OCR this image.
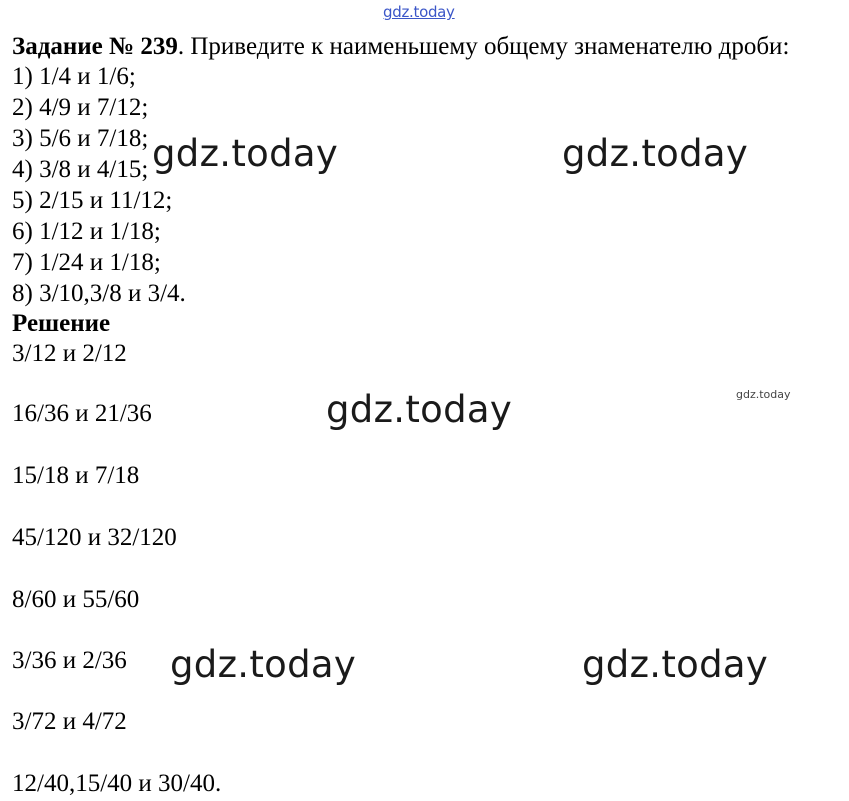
gdz.today
Задание № 239. Приведите к наименьшему общему знаменателю дроби:
1) 1/4 и 1/6;
2) 4/9 и 7/12;
3) 5/6 и 7/18;
4) 3/8 и 4/15;
5) 2/15 и 11/12;
6) 1/12 и 1/18;
7) 1/24 и 1/18;
8) 3/10,3/8 и 3/4.
Решение
3/12 и 2/12
16/36 и 21/36
15/18 и 7/18
45/120 и 32/120
8/60 и 55/60
3/36 и 2/36
3/72 и 4/72
12/40,15/40 и 30/40.
gdz.today	gdz.today
gdz.today	gdz.today
gdz.today	gdz.today
